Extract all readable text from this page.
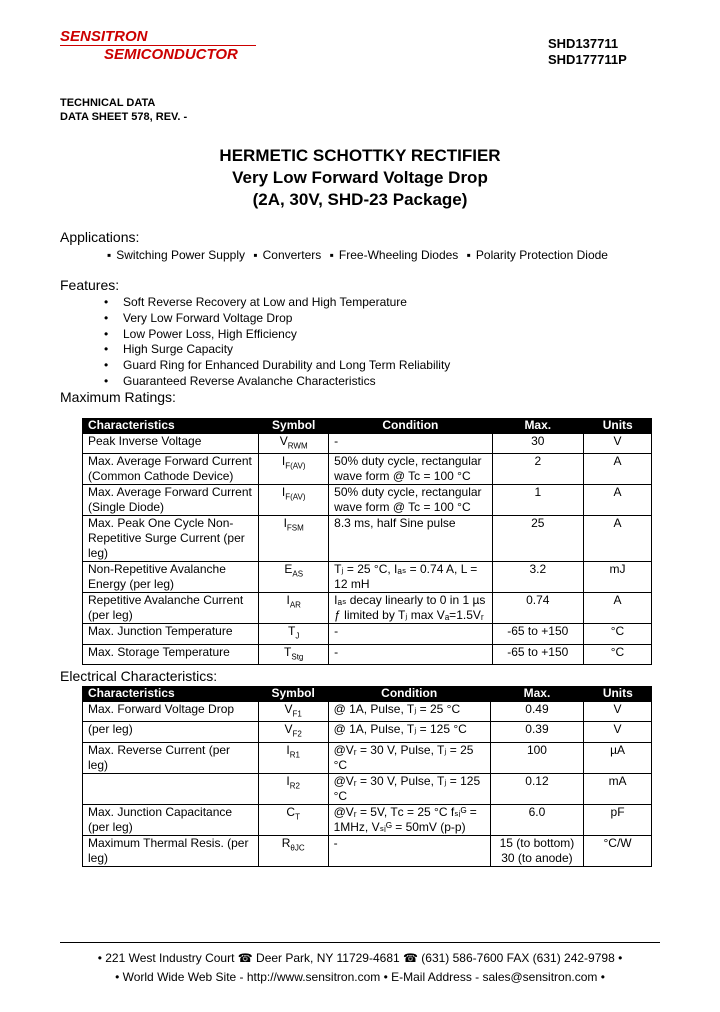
SENSITRON
SEMICONDUCTOR
SHD137711
SHD177711P
TECHNICAL DATA
DATA SHEET 578, REV. -
HERMETIC SCHOTTKY RECTIFIER
Very Low Forward Voltage Drop
(2A, 30V, SHD-23 Package)
Applications:
▪ Switching Power Supply ▪ Converters ▪ Free-Wheeling Diodes ▪ Polarity Protection Diode
Features:
• Soft Reverse Recovery at Low and High Temperature
• Very Low Forward Voltage Drop
• Low Power Loss, High Efficiency
• High Surge Capacity
• Guard Ring for Enhanced Durability and Long Term Reliability
• Guaranteed Reverse Avalanche Characteristics
Maximum Ratings:
Characteristics	Symbol	Condition	Max.	Units
Peak Inverse Voltage	$V_{RWM}$	-	30	V
Max. Average Forward Current (Common Cathode Device)	$I_{F(AV)}$	50% duty cycle, rectangular wave form @ Tc = 100 °C	2	A
Max. Average Forward Current (Single Diode)	$I_{F(AV)}$	50% duty cycle, rectangular wave form @ Tc = 100 °C	1	A
Max. Peak One Cycle Non-Repetitive Surge Current (per leg)	$I_{FSM}$	8.3 ms, half Sine pulse	25	A
Non-Repetitive Avalanche Energy (per leg)	$E_{AS}$	Tⱼ = 25 °C, Iₐₛ = 0.74 A, L = 12 mH	3.2	mJ
Repetitive Avalanche Current (per leg)	$I_{AR}$	Iₐₛ decay linearly to 0 in 1 µs ƒ limited by Tⱼ max Vₐ=1.5Vᵣ	0.74	A
Max. Junction Temperature	$T_J$	-	-65 to +150	°C
Max. Storage Temperature	$T_{Stg}$	-	-65 to +150	°C
Electrical Characteristics:
Characteristics	Symbol	Condition	Max.	Units
Max. Forward Voltage Drop	$V_{F1}$	@ 1A, Pulse, Tⱼ = 25 °C	0.49	V
(per leg)	$V_{F2}$	@ 1A, Pulse, Tⱼ = 125 °C	0.39	V
Max. Reverse Current (per leg)	$I_{R1}$	@Vᵣ = 30 V, Pulse, Tⱼ = 25 °C	100	µA
	$I_{R2}$	@Vᵣ = 30 V, Pulse, Tⱼ = 125 °C	0.12	mA
Max. Junction Capacitance (per leg)	$C_T$	@Vᵣ = 5V, Tᴄ = 25 °C fₛᵢᴳ = 1MHz, Vₛᵢᴳ = 50mV (p-p)	6.0	pF
Maximum Thermal Resis. (per leg)	$R_{\theta JC}$	-	15 (to bottom) 30 (to anode)	°C/W
• 221 West Industry Court ☎ Deer Park, NY 11729-4681 ☎ (631) 586-7600 FAX (631) 242-9798 •
• World Wide Web Site - http://www.sensitron.com • E-Mail Address - sales@sensitron.com •
